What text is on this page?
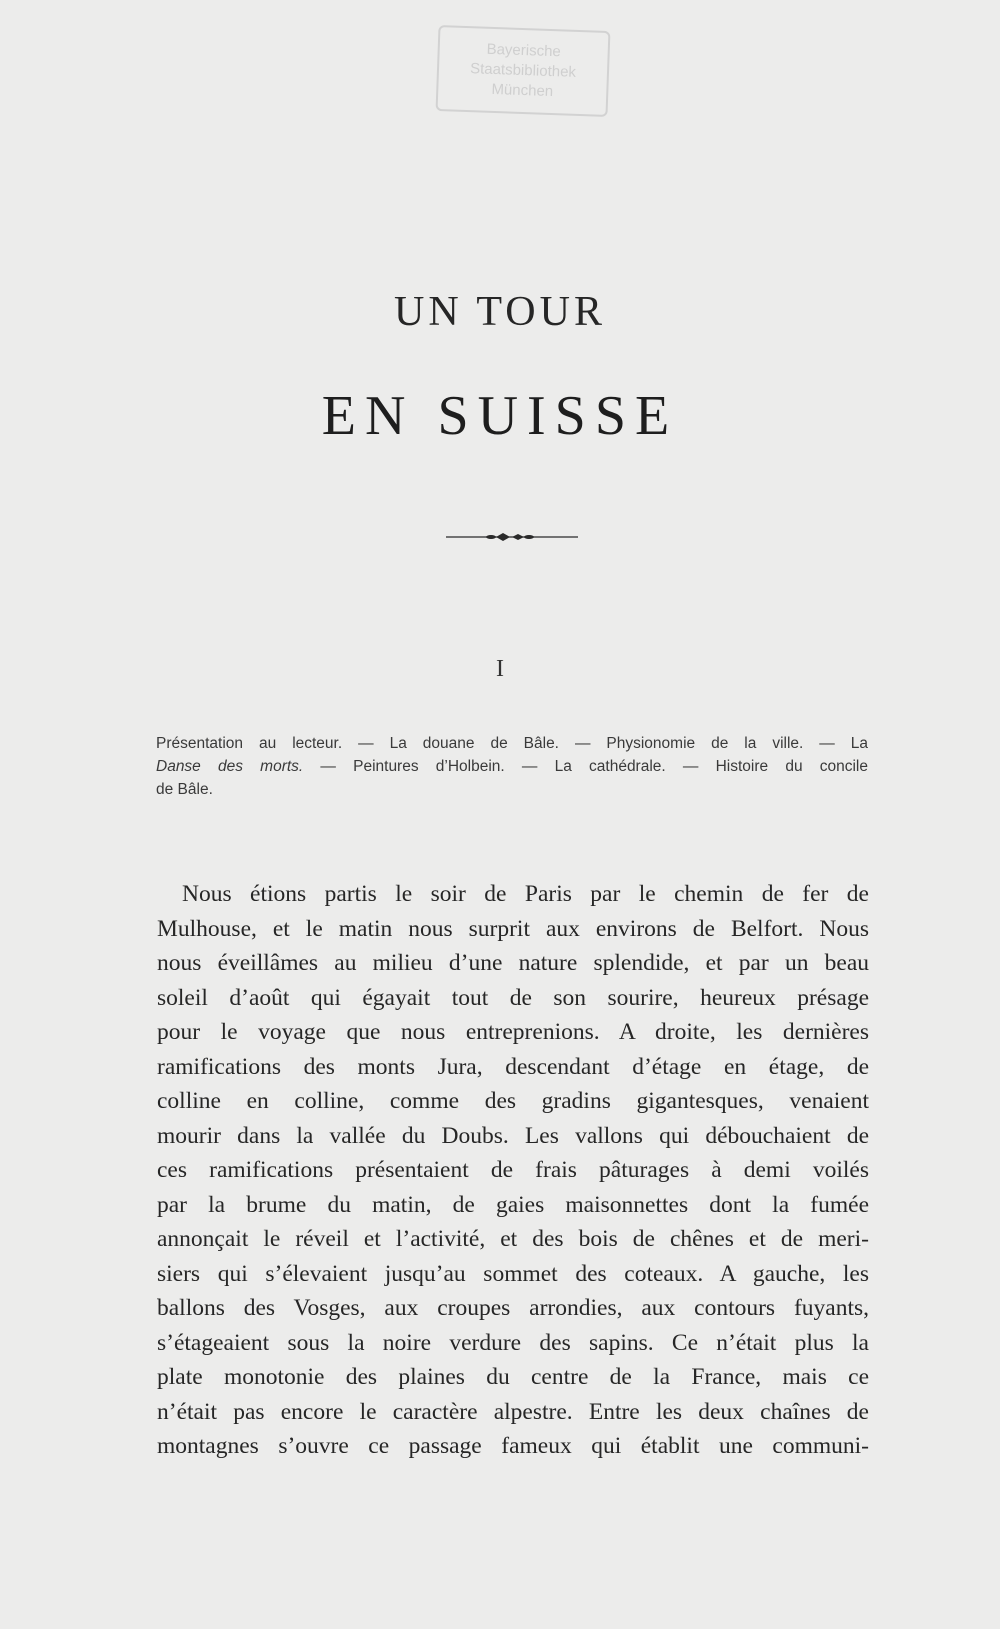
Bayerische
Staatsbibliothek
München
UN TOUR
EN SUISSE
I
Présentation au lecteur. — La douane de Bâle. — Physionomie de la ville. — La
Danse des morts. — Peintures d’Holbein. — La cathédrale. — Histoire du concile
de Bâle.
Nous étions partis le soir de Paris par le chemin de fer de
Mulhouse, et le matin nous surprit aux environs de Belfort. Nous
nous éveillâmes au milieu d’une nature splendide, et par un beau
soleil d’août qui égayait tout de son sourire, heureux présage
pour le voyage que nous entreprenions. A droite, les dernières
ramifications des monts Jura, descendant d’étage en étage, de
colline en colline, comme des gradins gigantesques, venaient
mourir dans la vallée du Doubs. Les vallons qui débouchaient de
ces ramifications présentaient de frais pâturages à demi voilés
par la brume du matin, de gaies maisonnettes dont la fumée
annonçait le réveil et l’activité, et des bois de chênes et de meri-
siers qui s’élevaient jusqu’au sommet des coteaux. A gauche, les
ballons des Vosges, aux croupes arrondies, aux contours fuyants,
s’étageaient sous la noire verdure des sapins. Ce n’était plus la
plate monotonie des plaines du centre de la France, mais ce
n’était pas encore le caractère alpestre. Entre les deux chaînes de
montagnes s’ouvre ce passage fameux qui établit une communi-
